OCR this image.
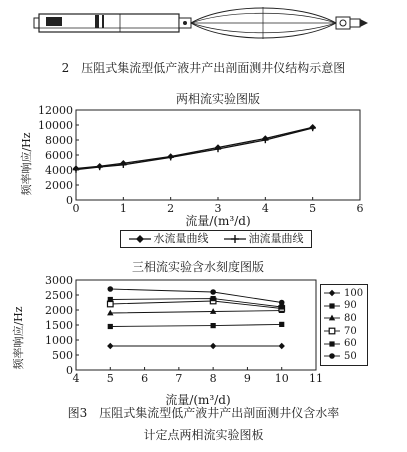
2　压阻式集流型低产液井产出剖面测井仪结构示意图
0	1	2	3	4	5	6
0
2000
4000
6000
8000
10000
12000
两相流实验图版
流量/(m³/d)
频率响应/Hz
水流量曲线	油流量曲线
4 5 6 7 8 9 10 11
0
500
1000
1500
2000
2500
3000
三相流实验含水刻度图版
流量/(m³/d)
频率响应/Hz
100
90
80
70
60
50
图3　压阻式集流型低产液井产出剖面测井仪含水率
计定点两相流实验图板
